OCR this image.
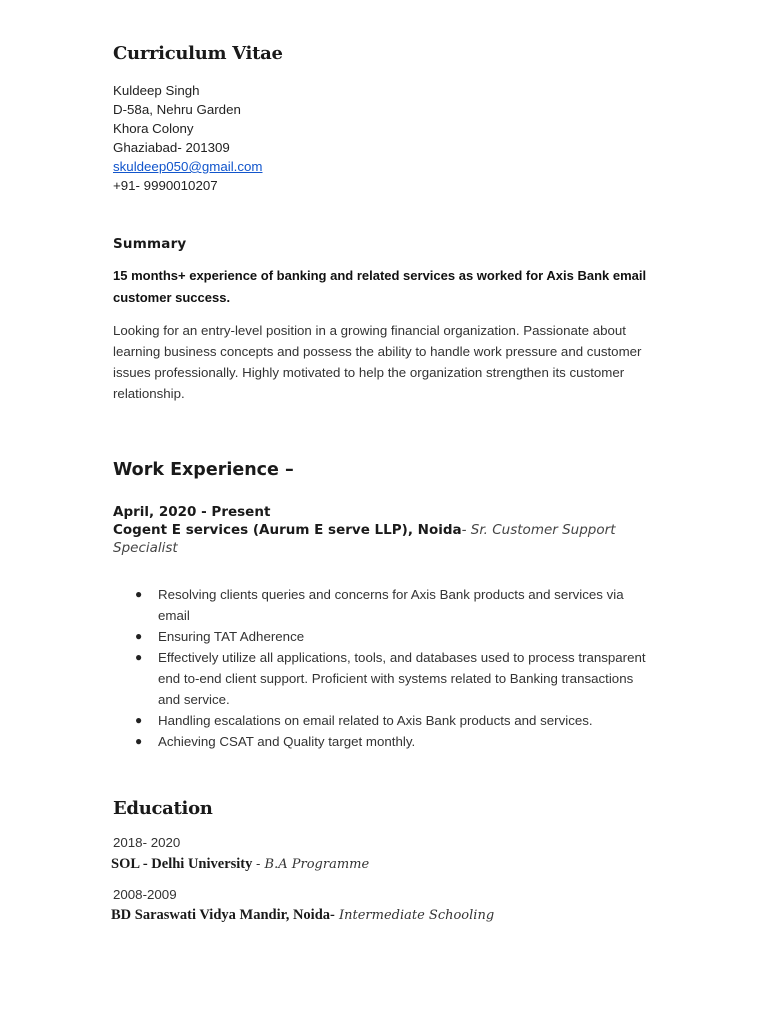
Curriculum Vitae
Kuldeep Singh
D-58a, Nehru Garden
Khora Colony
Ghaziabad- 201309
skuldeep050@gmail.com
+91- 9990010207
Summary

15 months+ experience of banking and related services as worked for Axis Bank email customer success.

Looking for an entry-level position in a growing financial organization. Passionate about learning business concepts and possess the ability to handle work pressure and customer issues professionally. Highly motivated to help the organization strengthen its customer relationship.

Work Experience –
April, 2020 - Present
Cogent E services (Aurum E serve LLP), Noida- Sr. Customer Support Specialist
● Resolving clients queries and concerns for Axis Bank products and services via email
● Ensuring TAT Adherence
● Effectively utilize all applications, tools, and databases used to process transparent end to-end client support. Proficient with systems related to Banking transactions and service.
● Handling escalations on email related to Axis Bank products and services.
● Achieving CSAT and Quality target monthly.
Education
2018- 2020
SOL - Delhi University - B.A Programme
2008-2009
BD Saraswati Vidya Mandir, Noida- Intermediate Schooling
